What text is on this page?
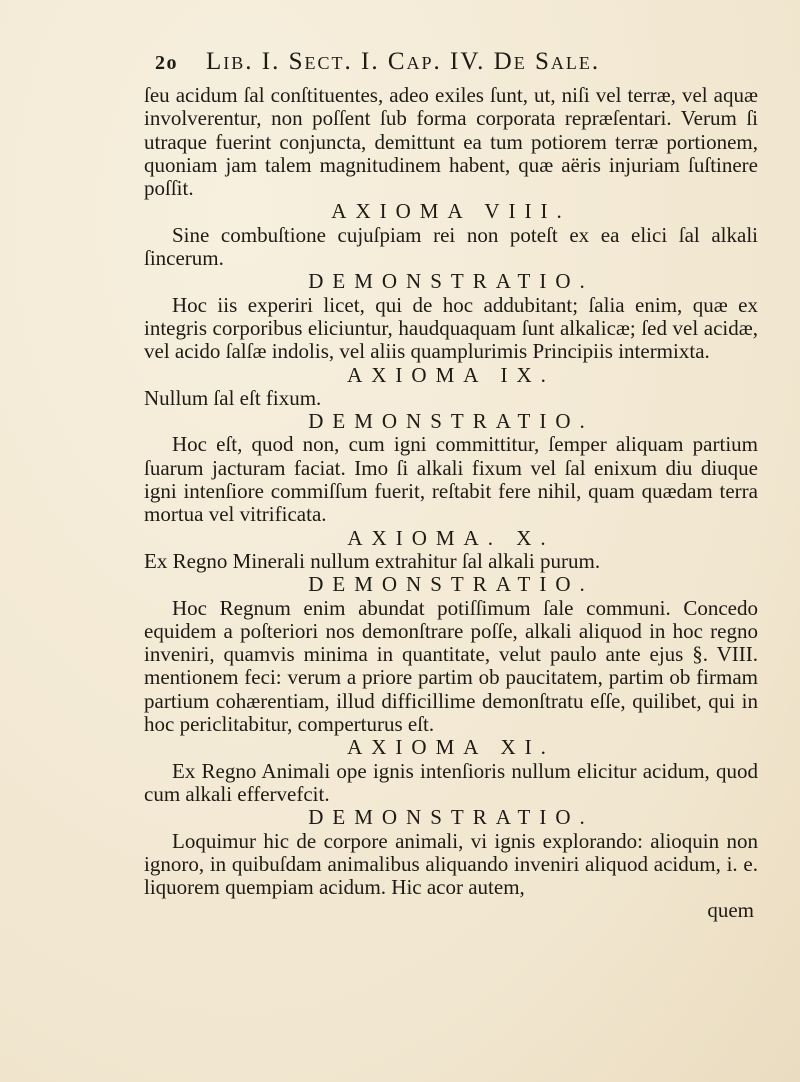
2o Lib. I. Sect. I. Cap. IV. De Sale.

ſeu acidum ſal conſtituentes, adeo exiles ſunt, ut, niſi vel terræ, vel aquæ involverentur, non poſſent ſub forma corporata repræſentari. Verum ſi utraque fuerint conjuncta, demittunt ea tum potiorem terræ portionem, quoniam jam talem magnitudinem habent, quæ aëris injuriam ſuſtinere poſſit.

AXIOMA VIII.

Sine combuſtione cujuſpiam rei non poteſt ex ea elici ſal alkali ſincerum.

DEMONSTRATIO.

Hoc iis experiri licet, qui de hoc addubitant; ſalia enim, quæ ex integris corporibus eliciuntur, haudquaquam ſunt alkalicæ; ſed vel acidæ, vel acido ſalſæ indolis, vel aliis quamplurimis Principiis intermixta.

AXIOMA IX.

Nullum ſal eſt fixum.

DEMONSTRATIO.

Hoc eſt, quod non, cum igni committitur, ſemper aliquam partium ſuarum jacturam faciat. Imo ſi alkali fixum vel ſal enixum diu diuque igni intenſiore commiſſum fuerit, reſtabit fere nihil, quam quædam terra mortua vel vitrificata.

AXIOMA. X.

Ex Regno Minerali nullum extrahitur ſal alkali purum.

DEMONSTRATIO.

Hoc Regnum enim abundat potiſſimum ſale communi. Concedo equidem a poſteriori nos demonſtrare poſſe, alkali aliquod in hoc regno inveniri, quamvis minima in quantitate, velut paulo ante ejus §. VIII. mentionem feci: verum a priore partim ob paucitatem, partim ob firmam partium cohærentiam, illud difficillime demonſtratu eſſe, quilibet, qui in hoc periclitabitur, comperturus eſt.

AXIOMA XI.

Ex Regno Animali ope ignis intenſioris nullum elicitur acidum, quod cum alkali effervefcit.

DEMONSTRATIO.

Loquimur hic de corpore animali, vi ignis explorando: alioquin non ignoro, in quibuſdam animalibus aliquando inveniri aliquod acidum, i. e. liquorem quempiam acidum. Hic acor autem,

quem
